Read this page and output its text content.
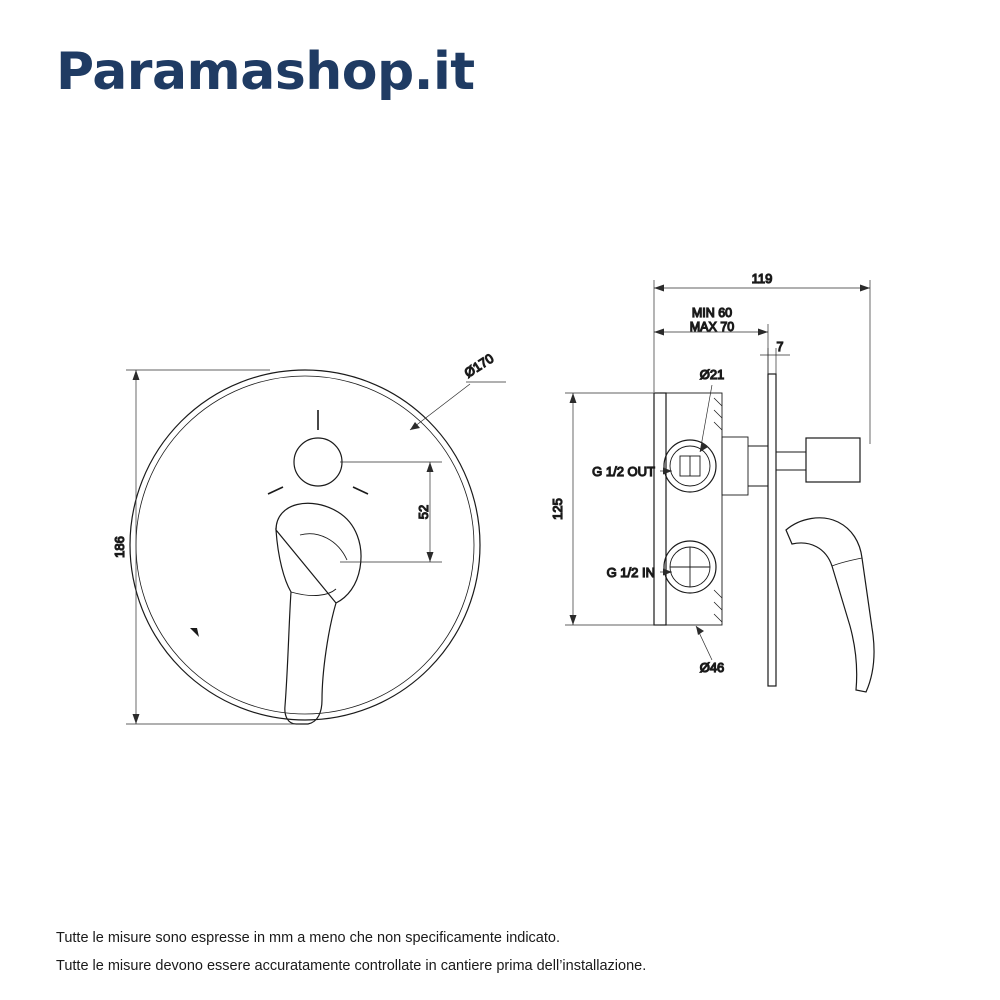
Paramashop.it
186
Ø170
52
119
MIN 60
MAX 70
7
125
Ø21
G 1/2 OUT
G 1/2 IN
Ø46
Tutte le misure sono espresse in mm a meno che non specificamente indicato.
Tutte le misure devono essere accuratamente controllate in cantiere prima dell’installazione.
